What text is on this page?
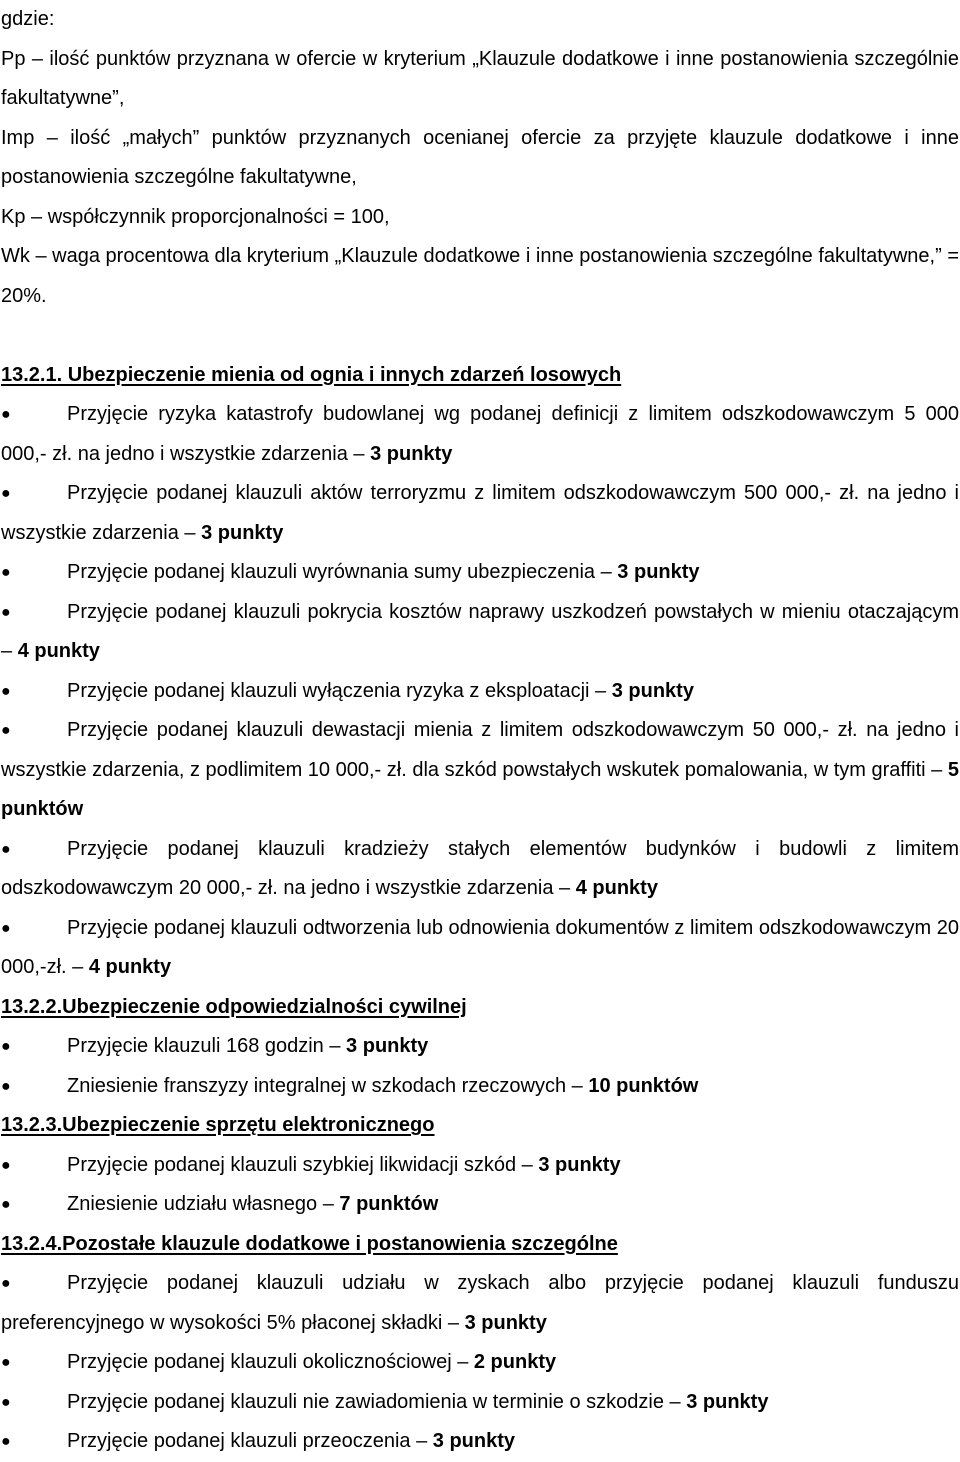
gdzie:

Pp – ilość punktów przyznana w ofercie w kryterium „Klauzule dodatkowe i inne postanowienia szczególnie fakultatywne”,

Imp – ilość „małych” punktów przyznanych ocenianej ofercie za przyjęte klauzule dodatkowe i inne postanowienia szczególne fakultatywne,

Kp – współczynnik proporcjonalności = 100,

Wk – waga procentowa dla kryterium „Klauzule dodatkowe i inne postanowienia szczególne fakultatywne,” = 20%.

13.2.1. Ubezpieczenie mienia od ognia i innych zdarzeń losowych

●	Przyjęcie ryzyka katastrofy budowlanej wg podanej definicji z limitem odszkodowawczym 5 000 000,- zł. na jedno i wszystkie zdarzenia – 3 punkty

●	Przyjęcie podanej klauzuli aktów terroryzmu z limitem odszkodowawczym 500 000,- zł. na jedno i wszystkie zdarzenia – 3 punkty

●	Przyjęcie podanej klauzuli wyrównania sumy ubezpieczenia – 3 punkty

●	Przyjęcie podanej klauzuli pokrycia kosztów naprawy uszkodzeń powstałych w mieniu otaczającym – 4 punkty

●	Przyjęcie podanej klauzuli wyłączenia ryzyka z eksploatacji – 3 punkty

●	Przyjęcie podanej klauzuli dewastacji mienia z limitem odszkodowawczym 50 000,- zł. na jedno i wszystkie zdarzenia, z podlimitem 10 000,- zł. dla szkód powstałych wskutek pomalowania, w tym graffiti – 5 punktów

●	Przyjęcie podanej klauzuli kradzieży stałych elementów budynków i budowli z limitem odszkodowawczym 20 000,- zł. na jedno i wszystkie zdarzenia – 4 punkty

●	Przyjęcie podanej klauzuli odtworzenia lub odnowienia dokumentów z limitem odszkodowawczym 20 000,-zł. – 4 punkty

13.2.2.Ubezpieczenie odpowiedzialności cywilnej

●	Przyjęcie klauzuli 168 godzin – 3 punkty

●	Zniesienie franszyzy integralnej w szkodach rzeczowych – 10 punktów

13.2.3.Ubezpieczenie sprzętu elektronicznego

●	Przyjęcie podanej klauzuli szybkiej likwidacji szkód – 3 punkty

●	Zniesienie udziału własnego – 7 punktów

13.2.4.Pozostałe klauzule dodatkowe i postanowienia szczególne

●	Przyjęcie podanej klauzuli udziału w zyskach albo przyjęcie podanej klauzuli funduszu preferencyjnego w wysokości 5% płaconej składki – 3 punkty

●	Przyjęcie podanej klauzuli okolicznościowej – 2 punkty

●	Przyjęcie podanej klauzuli nie zawiadomienia w terminie o szkodzie – 3 punkty

●	Przyjęcie podanej klauzuli przeoczenia – 3 punkty
